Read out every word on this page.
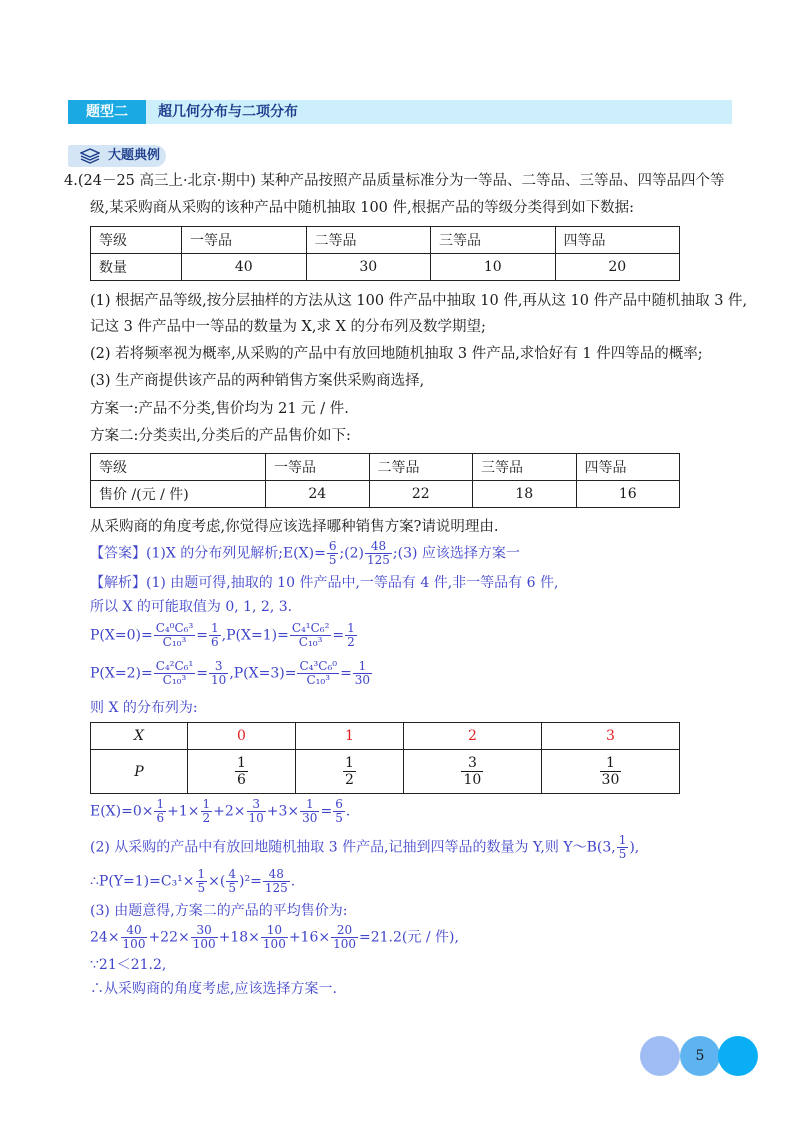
题型二	超几何分布与二项分布
大题典例
4.(24－25 高三上·北京·期中) 某种产品按照产品质量标准分为一等品、二等品、三等品、四等品四个等
级,某采购商从采购的该种产品中随机抽取 100 件,根据产品的等级分类得到如下数据:
等级	一等品	二等品	三等品	四等品
数量	40	30	10	20
(1) 根据产品等级,按分层抽样的方法从这 100 件产品中抽取 10 件,再从这 10 件产品中随机抽取 3 件,
记这 3 件产品中一等品的数量为 X,求 X 的分布列及数学期望;
(2) 若将频率视为概率,从采购的产品中有放回地随机抽取 3 件产品,求恰好有 1 件四等品的概率;
(3) 生产商提供该产品的两种销售方案供采购商选择,
方案一:产品不分类,售价均为 21 元 / 件.
方案二:分类卖出,分类后的产品售价如下:
等级	一等品	二等品	三等品	四等品
售价 /(元 / 件)	24	22	18	16
从采购商的角度考虑,你觉得应该选择哪种销售方案?请说明理由.
【答案】(1)X 的分布列见解析;E(X)= $\frac{6}{5}$ ;(2) $\frac{48}{125}$ ;(3) 应该选择方案一
【解析】(1) 由题可得,抽取的 10 件产品中,一等品有 4 件,非一等品有 6 件,
所以 X 的可能取值为 0, 1, 2, 3.
$P(X=0)= \frac{\text{C₄⁰C₆³}}{\text{C₁₀³}} = \frac{1}{6} ,P(X=1)= \frac{\text{C₄¹C₆²}}{\text{C₁₀³}} = \frac{1}{2}$
$P(X=2)= \frac{\text{C₄²C₆¹}}{\text{C₁₀³}} = \frac{3}{10} ,P(X=3)= \frac{\text{C₄³C₆⁰}}{\text{C₁₀³}} = \frac{1}{30}$
则 X 的分布列为:
X	0	1	2	3
P	$\frac{1}{6}$	$\frac{1}{2}$	$\frac{3}{10}$	$\frac{1}{30}$
$E(X)=0\times \frac{1}{6} +1\times \frac{1}{2} +2\times \frac{3}{10} +3\times \frac{1}{30} = \frac{6}{5}$ .
(2) 从采购的产品中有放回地随机抽取 3 件产品,记抽到四等品的数量为 Y,则 Y～B(3, $\frac{1}{5}$ ),
∴P(Y=1)=C₃¹× $\frac{1}{5}$ ×( $\frac{4}{5} )^2= \frac{48}{125}$ .
(3) 由题意得,方案二的产品的平均售价为:
$24\times \frac{40}{100} +22\times \frac{30}{100} +18\times \frac{10}{100} +16\times \frac{20}{100} =21.2$(元 / 件),
∵21＜21.2,
∴从采购商的角度考虑,应该选择方案一.
5
